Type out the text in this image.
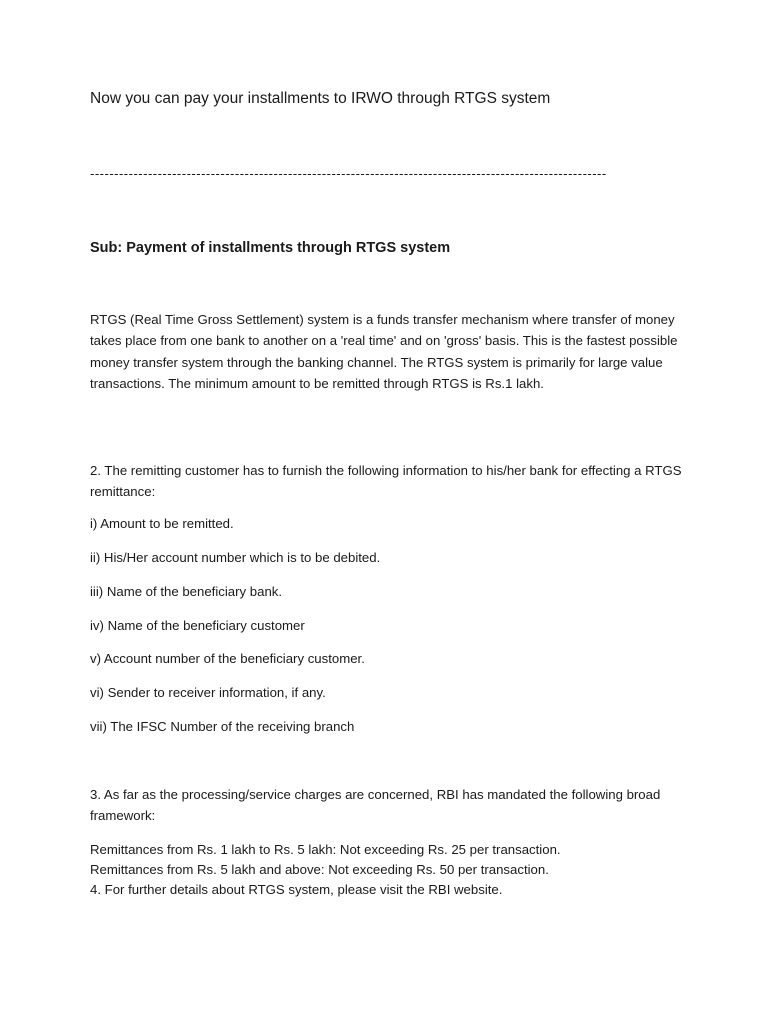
Now you can pay your installments to IRWO through RTGS system
-----------------------------------------------------------------------------------------------------------
Sub: Payment of installments through RTGS system

RTGS (Real Time Gross Settlement) system is a funds transfer mechanism where transfer of money takes place from one bank to another on a 'real time' and on 'gross' basis. This is the fastest possible money transfer system through the banking channel. The RTGS system is primarily for large value transactions. The minimum amount to be remitted through RTGS is Rs.1 lakh.

2. The remitting customer has to furnish the following information to his/her bank for effecting a RTGS remittance:

i) Amount to be remitted.

ii) His/Her account number which is to be debited.

iii) Name of the beneficiary bank.

iv) Name of the beneficiary customer

v) Account number of the beneficiary customer.

vi) Sender to receiver information, if any.

vii) The IFSC Number of the receiving branch

3. As far as the processing/service charges are concerned, RBI has mandated the following broad framework:

Remittances from Rs. 1 lakh to Rs. 5 lakh: Not exceeding Rs. 25 per transaction.
Remittances from Rs. 5 lakh and above: Not exceeding Rs. 50 per transaction.
4. For further details about RTGS system, please visit the RBI website.
